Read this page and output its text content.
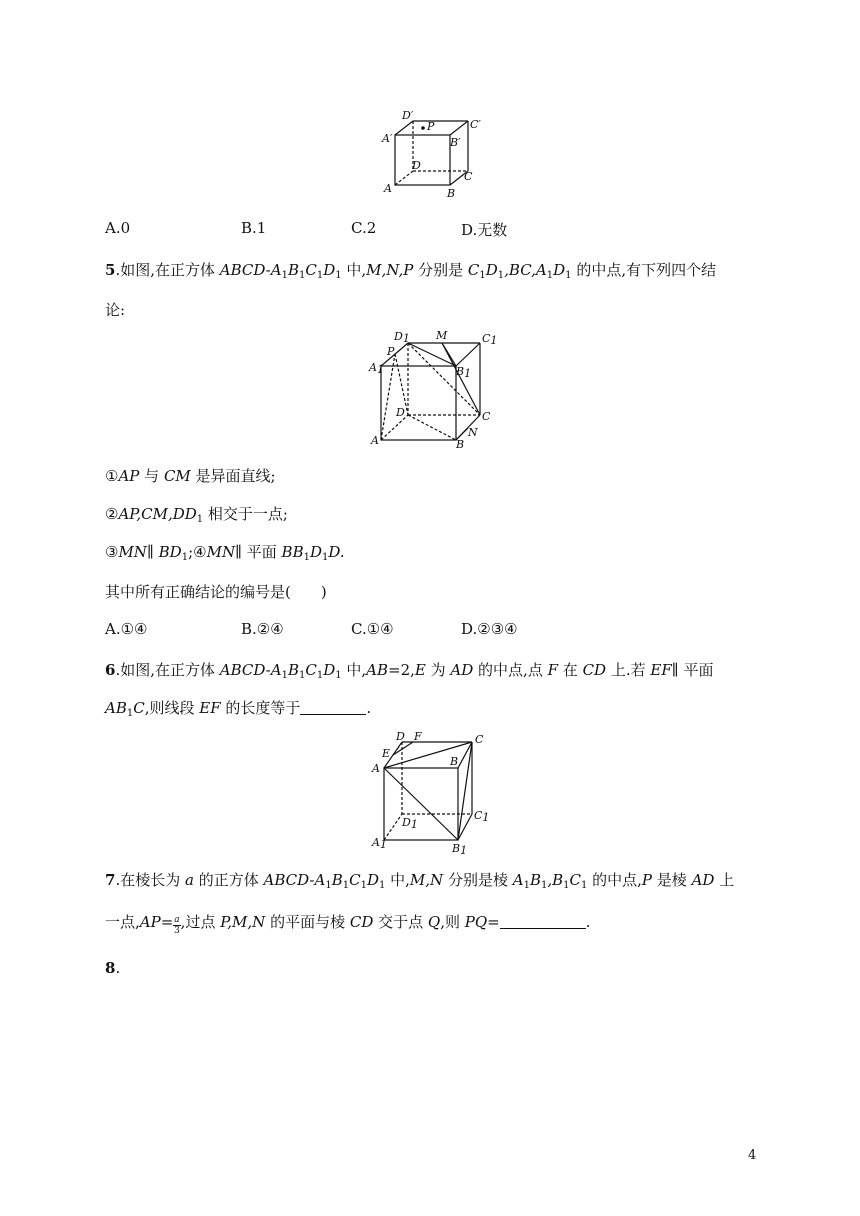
D′
P	C′
A′	B′
D
C
A	B
A.0	B.1	C.2	D.无数
5.如图,在正方体 ABCD-$A_1B_1C_1D_1$ 中,M,N,P 分别是 $C_1D_1,BC,A_1D_1$ 的中点,有下列四个结
论:
D1 M	C1
P
A1	B1
D	C
A
N
B
①AP 与 CM 是异面直线;
$②AP,CM,DD_1$ 相交于一点;
③MN∥ $BD_1;④MN\parallel$ 平面 $BB_1D_1D$.
其中所有正确结论的编号是(　　)
A.①④	B.②④	C.①④	D.②③④
6.如图,在正方体 ABCD-$A_1B_1C_1D_1$ 中,AB=2,E 为 AD 的中点,点 F 在 CD 上.若 EF∥ 平面
$AB_1C$,则线段 EF 的长度等于	.
D F	C
E
A
B
D1
C1
A1	B1
7.在棱长为 a 的正方体 ABCD-$A_1B_1C_1D_1$ 中,M,N 分别是棱 $A_1B_1,B_1C_1$ 的中点,P 是棱 AD 上
一点$,AP= \frac{a}{3}$ ,过点 P,M,N 的平面与棱 CD 交于点 Q,则 PQ=	.
8.
4
